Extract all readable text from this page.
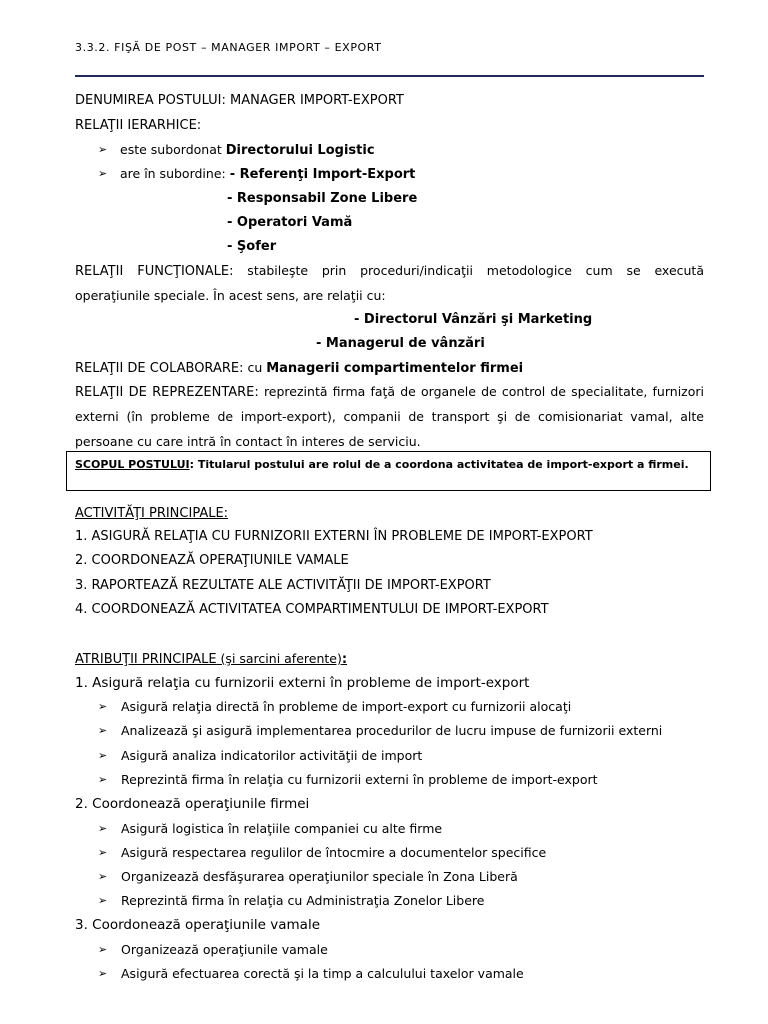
3.3.2. FIŞĂ DE POST – MANAGER IMPORT – EXPORT
DENUMIREA POSTULUI: MANAGER IMPORT-EXPORT
RELAŢII IERARHICE:
➢ este subordonat Directorului Logistic
➢ are în subordine: - Referenţi Import-Export
- Responsabil Zone Libere
- Operatori Vamă
- Şofer
RELAŢII FUNCŢIONALE: stabileşte prin proceduri/indicaţii metodologice cum se execută operaţiunile speciale. În acest sens, are relaţii cu:
- Directorul Vânzări şi Marketing
- Managerul de vânzări
RELAŢII DE COLABORARE: cu Managerii compartimentelor firmei
RELAŢII DE REPREZENTARE: reprezintă firma faţă de organele de control de specialitate, furnizori externi (în probleme de import-export), companii de transport şi de comisionariat vamal, alte persoane cu care intră în contact în interes de serviciu.
SCOPUL POSTULUI: Titularul postului are rolul de a coordona activitatea de import-export a firmei.
ACTIVITĂŢI PRINCIPALE:
1. ASIGURĂ RELAŢIA CU FURNIZORII EXTERNI ÎN PROBLEME DE IMPORT-EXPORT
2. COORDONEAZĂ OPERAŢIUNILE VAMALE
3. RAPORTEAZĂ REZULTATE ALE ACTIVITĂŢII DE IMPORT-EXPORT
4. COORDONEAZĂ ACTIVITATEA COMPARTIMENTULUI DE IMPORT-EXPORT
ATRIBUŢII PRINCIPALE (şi sarcini aferente):
1. Asigură relaţia cu furnizorii externi în probleme de import-export
➢ Asigură relaţia directă în probleme de import-export cu furnizorii alocaţi
➢ Analizează şi asigură implementarea procedurilor de lucru impuse de furnizorii externi
➢ Asigură analiza indicatorilor activităţii de import
➢ Reprezintă firma în relaţia cu furnizorii externi în probleme de import-export
2. Coordonează operaţiunile firmei
➢ Asigură logistica în relaţiile companiei cu alte firme
➢ Asigură respectarea regulilor de întocmire a documentelor specifice
➢ Organizează desfăşurarea operaţiunilor speciale în Zona Liberă
➢ Reprezintă firma în relaţia cu Administraţia Zonelor Libere
3. Coordonează operaţiunile vamale
➢ Organizează operaţiunile vamale
➢ Asigură efectuarea corectă şi la timp a calculului taxelor vamale
